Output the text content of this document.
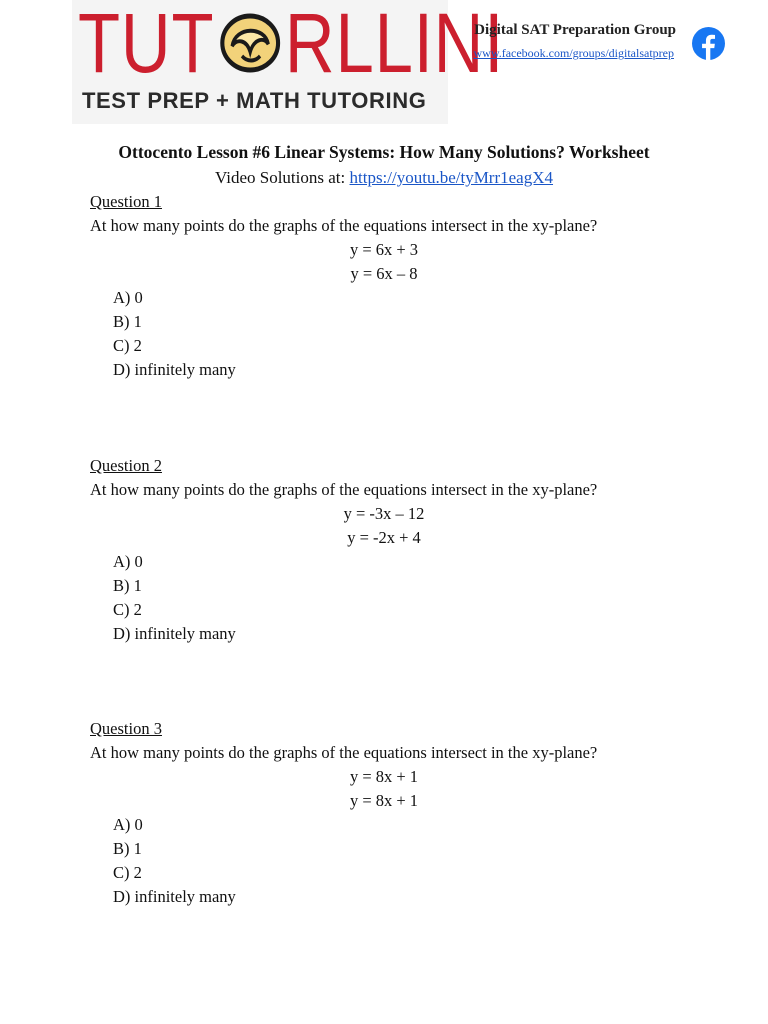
TUT RLLINI
TEST PREP + MATH TUTORING
Digital SAT Preparation Group
www.facebook.com/groups/digitalsatprep
Ottocento Lesson #6 Linear Systems: How Many Solutions? Worksheet
Video Solutions at: https://youtu.be/tyMrr1eagX4
Question 1
At how many points do the graphs of the equations intersect in the xy-plane?
y = 6x + 3
y = 6x – 8
A) 0
B) 1
C) 2
D) infinitely many
Question 2
At how many points do the graphs of the equations intersect in the xy-plane?
y = -3x – 12
y = -2x + 4
A) 0
B) 1
C) 2
D) infinitely many
Question 3
At how many points do the graphs of the equations intersect in the xy-plane?
y = 8x + 1
y = 8x + 1
A) 0
B) 1
C) 2
D) infinitely many
